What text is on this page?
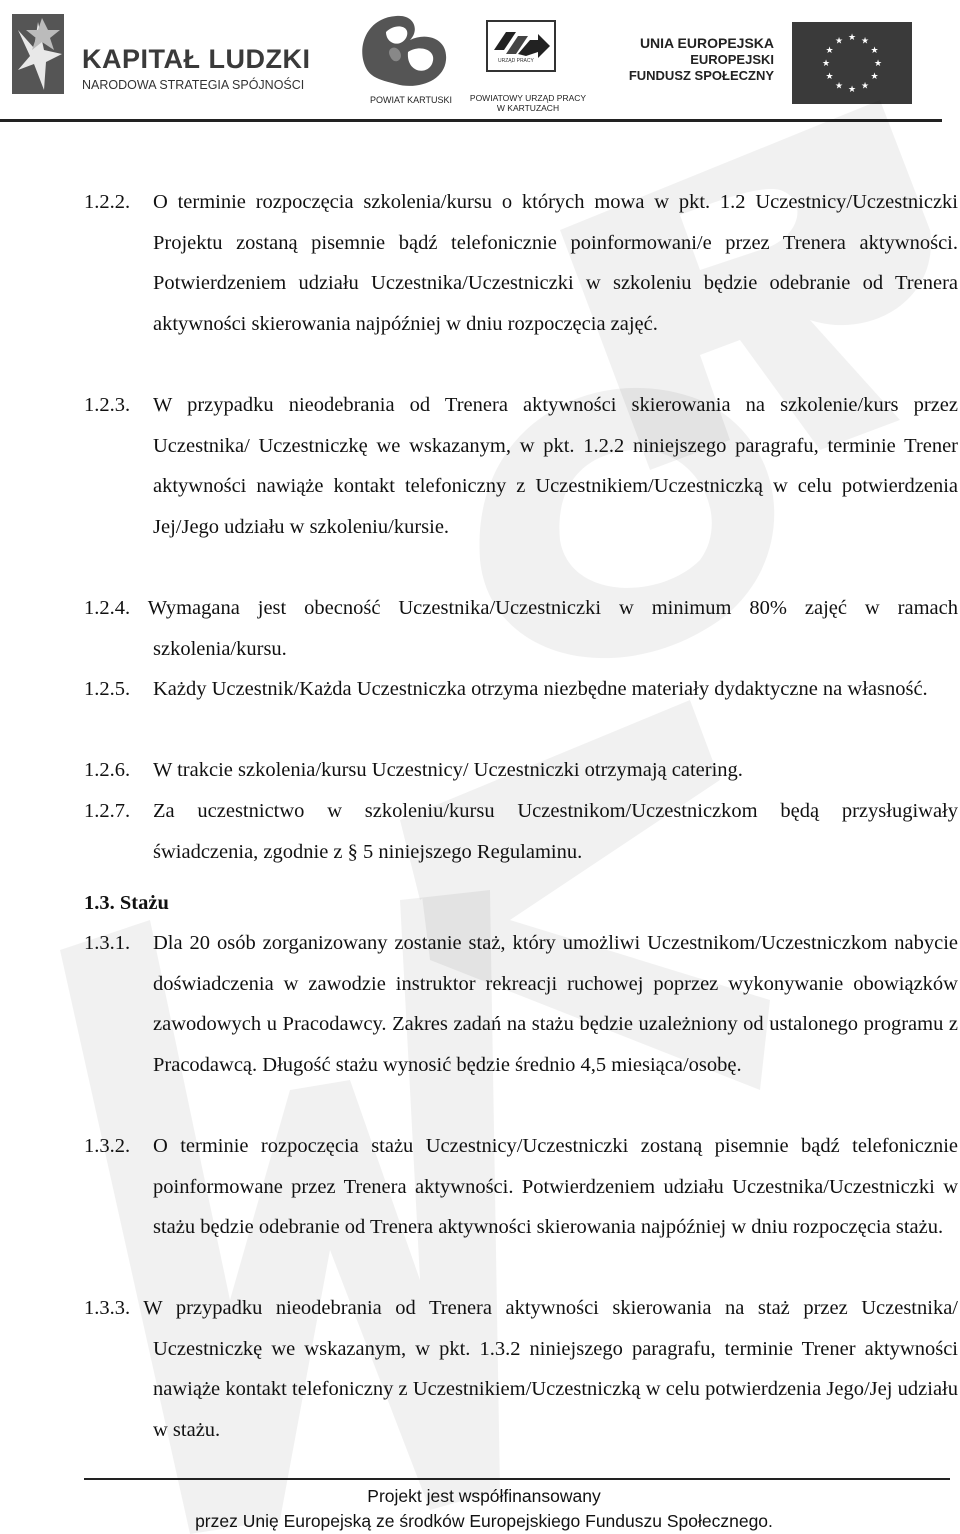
KAPITAŁ LUDZKI
NARODOWA STRATEGIA SPÓJNOŚCI
POWIAT KARTUSKI
URZĄD PRACY
POWIATOWY URZĄD PRACY W KARTUZACH
UNIA EUROPEJSKA
EUROPEJSKI
FUNDUSZ SPOŁECZNY
★
★
★
★
★
★
★
★
★ ★ ★
★
1.2.2. O terminie rozpoczęcia szkolenia/kursu o których mowa w pkt. 1.2 Uczestnicy/Uczestniczki Projektu zostaną pisemnie bądź telefonicznie poinformowani/e przez Trenera aktywności. Potwierdzeniem udziału Uczestnika/Uczestniczki w szkoleniu będzie odebranie od Trenera aktywności skierowania najpóźniej w dniu rozpoczęcia zajęć.
1.2.3. W przypadku nieodebrania od Trenera aktywności skierowania na szkolenie/kurs przez Uczestnika/ Uczestniczkę we wskazanym, w pkt. 1.2.2 niniejszego paragrafu, terminie Trener aktywności nawiąże kontakt telefoniczny z Uczestnikiem/Uczestniczką w celu potwierdzenia Jej/Jego udziału w szkoleniu/kursie.
1.2.4. Wymagana jest obecność Uczestnika/Uczestniczki w minimum 80% zajęć w ramach szkolenia/kursu.
1.2.5. Każdy Uczestnik/Każda Uczestniczka otrzyma niezbędne materiały dydaktyczne na własność.
1.2.6. W trakcie szkolenia/kursu Uczestnicy/ Uczestniczki otrzymają catering.
1.2.7. Za uczestnictwo w szkoleniu/kursu Uczestnikom/Uczestniczkom będą przysługiwały świadczenia, zgodnie z § 5 niniejszego Regulaminu.
1.3. Stażu
1.3.1. Dla 20 osób zorganizowany zostanie staż, który umożliwi Uczestnikom/Uczestniczkom nabycie doświadczenia w zawodzie instruktor rekreacji ruchowej poprzez wykonywanie obowiązków zawodowych u Pracodawcy. Zakres zadań na stażu będzie uzależniony od ustalonego programu z Pracodawcą. Długość stażu wynosić będzie średnio 4,5 miesiąca/osobę.
1.3.2. O terminie rozpoczęcia stażu Uczestnicy/Uczestniczki zostaną pisemnie bądź telefonicznie poinformowane przez Trenera aktywności. Potwierdzeniem udziału Uczestnika/Uczestniczki w stażu będzie odebranie od Trenera aktywności skierowania najpóźniej w dniu rozpoczęcia stażu.
1.3.3. W przypadku nieodebrania od Trenera aktywności skierowania na staż przez Uczestnika/ Uczestniczkę we wskazanym, w pkt. 1.3.2 niniejszego paragrafu, terminie Trener aktywności nawiąże kontakt telefoniczny z Uczestnikiem/Uczestniczką w celu potwierdzenia Jego/Jej udziału w stażu.
Projekt jest współfinansowany
przez Unię Europejską ze środków Europejskiego Funduszu Społecznego.
